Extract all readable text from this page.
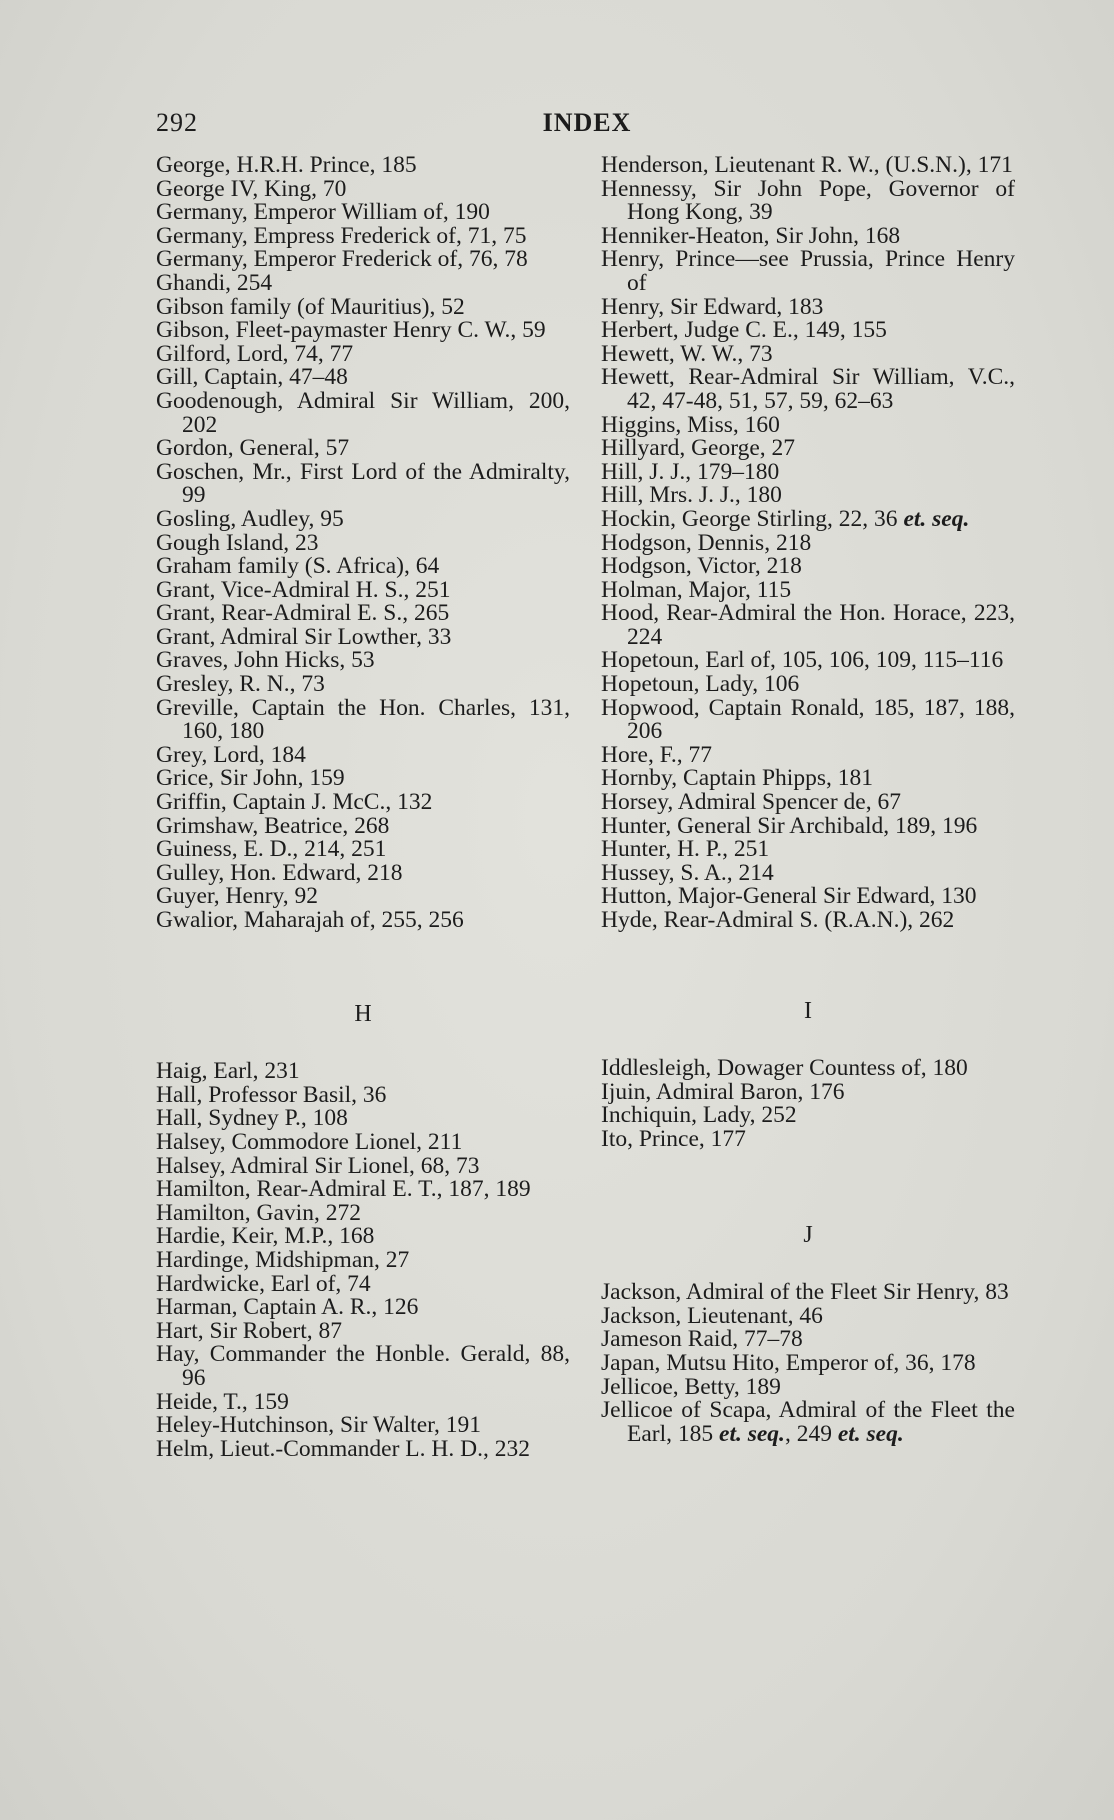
292	INDEX

George, H.R.H. Prince, 185

George IV, King, 70

Germany, Emperor William of, 190

Germany, Empress Frederick of, 71, 75

Germany, Emperor Frederick of, 76, 78

Ghandi, 254

Gibson family (of Mauritius), 52

Gibson, Fleet-paymaster Henry C. W., 59

Gilford, Lord, 74, 77

Gill, Captain, 47–48

Goodenough, Admiral Sir William, 200, 202

Gordon, General, 57

Goschen, Mr., First Lord of the Admiralty, 99

Gosling, Audley, 95

Gough Island, 23

Graham family (S. Africa), 64

Grant, Vice-Admiral H. S., 251

Grant, Rear-Admiral E. S., 265

Grant, Admiral Sir Lowther, 33

Graves, John Hicks, 53

Gresley, R. N., 73

Greville, Captain the Hon. Charles, 131, 160, 180

Grey, Lord, 184

Grice, Sir John, 159

Griffin, Captain J. McC., 132

Grimshaw, Beatrice, 268

Guiness, E. D., 214, 251

Gulley, Hon. Edward, 218

Guyer, Henry, 92

Gwalior, Maharajah of, 255, 256

H

Haig, Earl, 231

Hall, Professor Basil, 36

Hall, Sydney P., 108

Halsey, Commodore Lionel, 211

Halsey, Admiral Sir Lionel, 68, 73

Hamilton, Rear-Admiral E. T., 187, 189

Hamilton, Gavin, 272

Hardie, Keir, M.P., 168

Hardinge, Midshipman, 27

Hardwicke, Earl of, 74

Harman, Captain A. R., 126

Hart, Sir Robert, 87

Hay, Commander the Honble. Gerald, 88, 96

Heide, T., 159

Heley-Hutchinson, Sir Walter, 191

Helm, Lieut.-Commander L. H. D., 232

Henderson, Lieutenant R. W., (U.S.N.), 171

Hennessy, Sir John Pope, Governor of Hong Kong, 39

Henniker-Heaton, Sir John, 168

Henry, Prince—see Prussia, Prince Henry of

Henry, Sir Edward, 183

Herbert, Judge C. E., 149, 155

Hewett, W. W., 73

Hewett, Rear-Admiral Sir William, V.C., 42, 47-48, 51, 57, 59, 62–63

Higgins, Miss, 160

Hillyard, George, 27

Hill, J. J., 179–180

Hill, Mrs. J. J., 180

Hockin, George Stirling, 22, 36 et. seq.

Hodgson, Dennis, 218

Hodgson, Victor, 218

Holman, Major, 115

Hood, Rear-Admiral the Hon. Horace, 223, 224

Hopetoun, Earl of, 105, 106, 109, 115–116

Hopetoun, Lady, 106

Hopwood, Captain Ronald, 185, 187, 188, 206

Hore, F., 77

Hornby, Captain Phipps, 181

Horsey, Admiral Spencer de, 67

Hunter, General Sir Archibald, 189, 196

Hunter, H. P., 251

Hussey, S. A., 214

Hutton, Major-General Sir Edward, 130

Hyde, Rear-Admiral S. (R.A.N.), 262

I

Iddlesleigh, Dowager Countess of, 180

Ijuin, Admiral Baron, 176

Inchiquin, Lady, 252

Ito, Prince, 177

J

Jackson, Admiral of the Fleet Sir Henry, 83

Jackson, Lieutenant, 46

Jameson Raid, 77–78

Japan, Mutsu Hito, Emperor of, 36, 178

Jellicoe, Betty, 189

Jellicoe of Scapa, Admiral of the Fleet the Earl, 185 et. seq., 249 et. seq.
